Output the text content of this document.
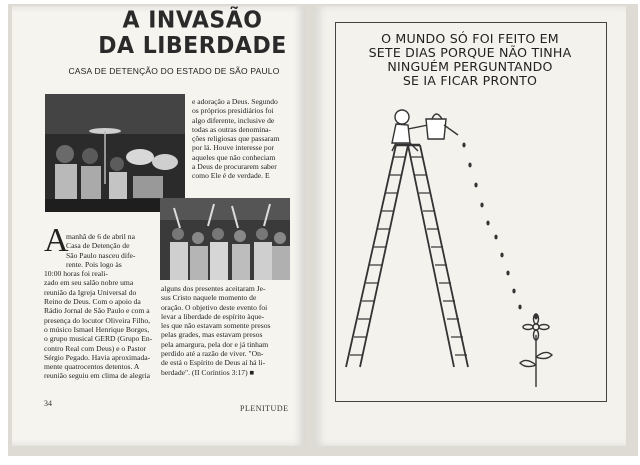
A INVASÃO
DA LIBERDADE
CASA DE DETENÇÃO DO ESTADO DE SÃO PAULO
e adoração a Deus. Segundo
os próprios presidiários foi
algo diferente, inclusive de
todas as outras denomina-
ções religiosas que passaram
por lá. Houve interesse por
aqueles que não conheciam
a Deus de procurarem saber
como Ele é de verdade. E
A
manhã de 6 de abril na
Casa de Detenção de
São Paulo nasceu dife-
rente. Pois logo às
10:00 horas foi reali-
zado em seu salão nobre uma
reunião da Igreja Universal do
Reino de Deus. Com o apoio da
Rádio Jornal de São Paulo e com a
presença do locutor Oliveira Filho,
o músico Ismael Henrique Borges,
o grupo musical GERD (Grupo En-
contro Real com Deus) e o Pastor
Sérgio Pegado. Havia aproximada-
mente quatrocentos detentos. A
reunião seguiu em clima de alegria
alguns dos presentes aceitaram Je-
sus Cristo naquele momento de
oração. O objetivo deste evento foi
levar a liberdade de espírito àque-
les que não estavam somente presos
pelas grades, mas estavam presos
pela amargura, pela dor e já tinham
perdido até a razão de viver. "On-
de está o Espírito de Deus aí há li-
berdade". (II Coríntios 3:17) ■
34
PLENITUDE
O MUNDO SÓ FOI FEITO EM
SETE DIAS PORQUE NÃO TINHA
NINGUÉM PERGUNTANDO
SE IA FICAR PRONTO
